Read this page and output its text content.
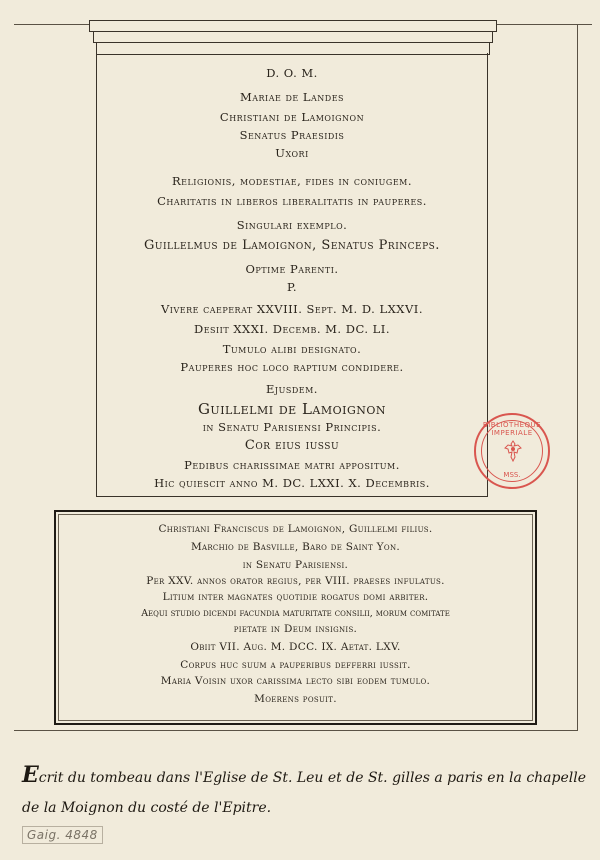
D. O. M.
Mariae de Landes
Christiani de Lamoignon
Senatus Praesidis
Uxori
Religionis, modestiae, fides in coniugem.
Charitatis in liberos liberalitatis in pauperes.
Singulari exemplo.
Guillelmus de Lamoignon, Senatus Princeps.
Optime Parenti.
P.
Vivere caeperat XXVIII. Sept. M. D. LXXVI.
Desiit XXXI. Decemb. M. DC. LI.
Tumulo alibi designato.
Pauperes hoc loco raptium condidere.
Ejusdem.
Guillelmi de Lamoignon
in Senatu Parisiensi Principis.
Cor eius iussu
Pedibus charissimae matri appositum.
Hic quiescit anno M. DC. LXXI. X. Decembris.
Christiani Franciscus de Lamoignon, Guillelmi filius.
Marchio de Basville, Baro de Saint Yon.
in Senatu Parisiensi.
Per XXV. annos orator regius, per VIII. praeses infulatus.
Litium inter magnates quotidie rogatus domi arbiter.
Aequi studio dicendi facundia maturitate consilii, morum comitate
pietate in Deum insignis.
Obiit VII. Aug. M. DCC. IX. Aetat. LXV.
Corpus huc suum a pauperibus defferri iussit.
Maria Voisin uxor carissima lecto sibi eodem tumulo.
Moerens posuit.
BIBLIOTHEQUE IMPERIALE
MSS.
Ecrit du tombeau dans l'Eglise de St. Leu et de St. gilles a paris en la chapelle
de la Moignon du costé de l'Epitre.
Gaig. 4848
